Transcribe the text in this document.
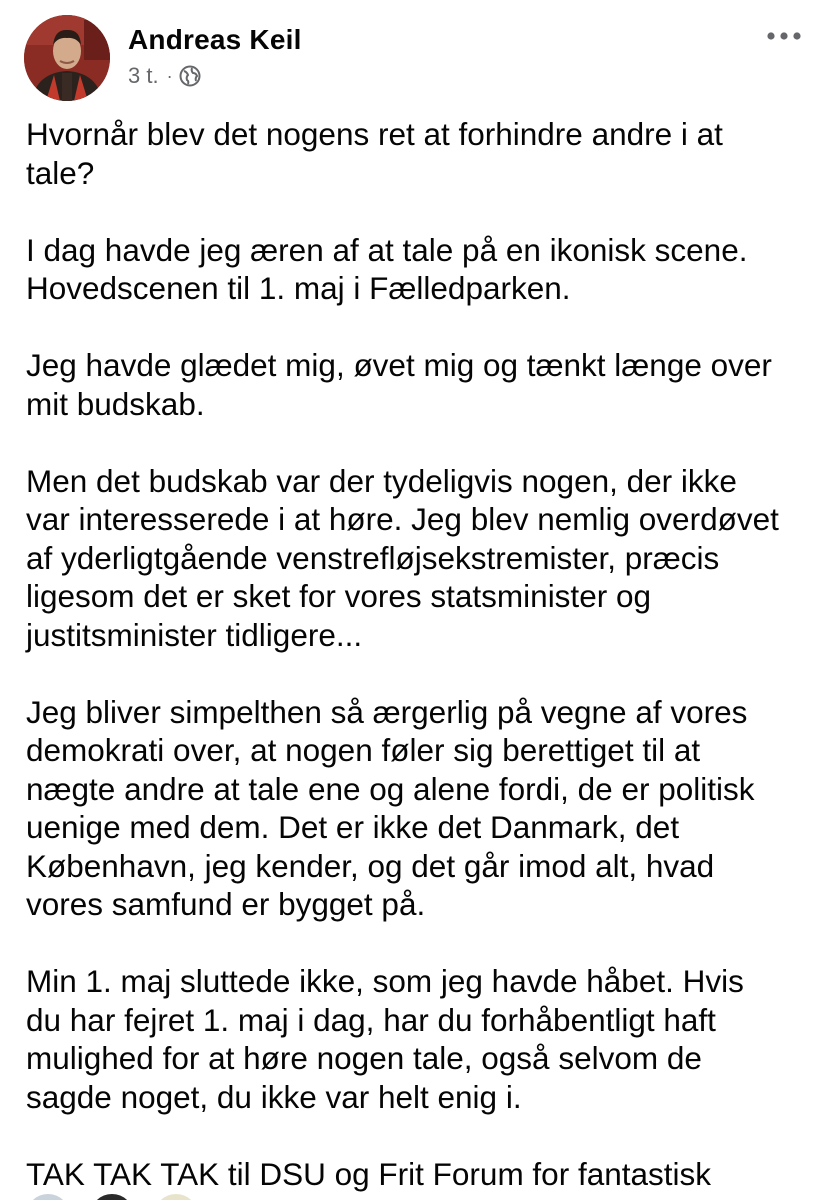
Andreas Keil
3 t. ·

Hvornår blev det nogens ret at forhindre andre i at
tale?

I dag havde jeg æren af at tale på en ikonisk scene.
Hovedscenen til 1. maj i Fælledparken.

Jeg havde glædet mig, øvet mig og tænkt længe over
mit budskab.

Men det budskab var der tydeligvis nogen, der ikke
var interesserede i at høre. Jeg blev nemlig overdøvet
af yderligtgående venstrefløjsekstremister, præcis
ligesom det er sket for vores statsminister og
justitsminister tidligere...

Jeg bliver simpelthen så ærgerlig på vegne af vores
demokrati over, at nogen føler sig berettiget til at
nægte andre at tale ene og alene fordi, de er politisk
uenige med dem. Det er ikke det Danmark, det
København, jeg kender, og det går imod alt, hvad
vores samfund er bygget på.

Min 1. maj sluttede ikke, som jeg havde håbet. Hvis
du har fejret 1. maj i dag, har du forhåbentligt haft
mulighed for at høre nogen tale, også selvom de
sagde noget, du ikke var helt enig i.

TAK TAK TAK til DSU og Frit Forum for fantastisk
